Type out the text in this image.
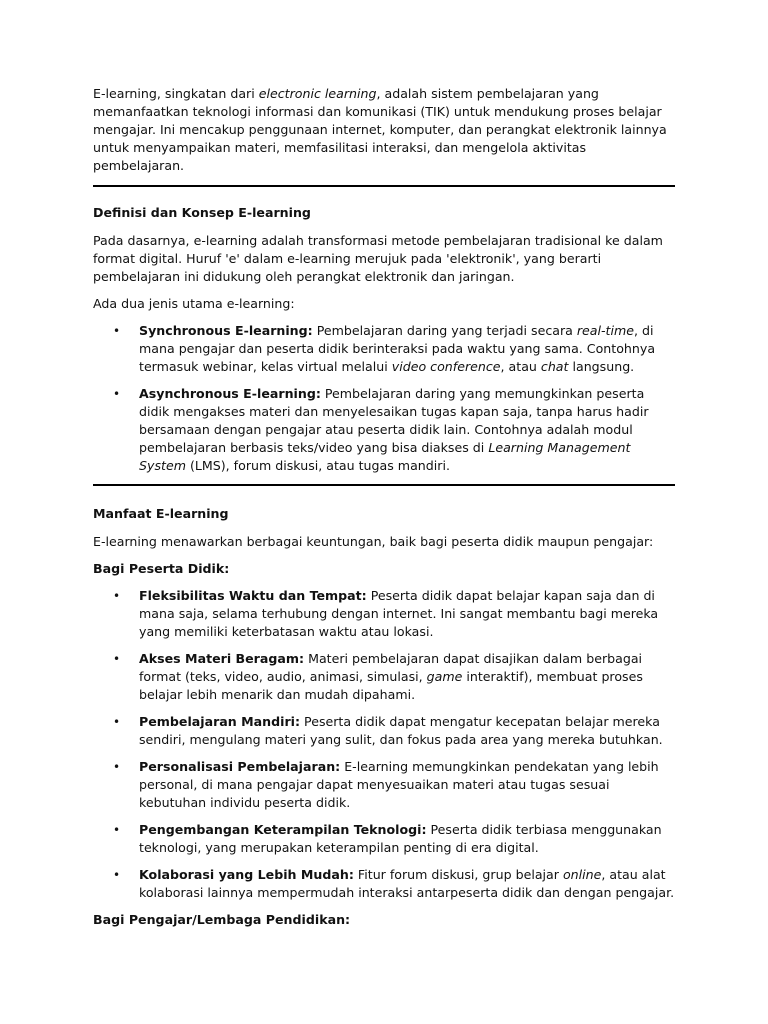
E-learning, singkatan dari electronic learning, adalah sistem pembelajaran yang memanfaatkan teknologi informasi dan komunikasi (TIK) untuk mendukung proses belajar mengajar. Ini mencakup penggunaan internet, komputer, dan perangkat elektronik lainnya untuk menyampaikan materi, memfasilitasi interaksi, dan mengelola aktivitas pembelajaran.

Definisi dan Konsep E-learning

Pada dasarnya, e-learning adalah transformasi metode pembelajaran tradisional ke dalam format digital. Huruf 'e' dalam e-learning merujuk pada 'elektronik', yang berarti pembelajaran ini didukung oleh perangkat elektronik dan jaringan.

Ada dua jenis utama e-learning:

• Synchronous E-learning: Pembelajaran daring yang terjadi secara real-time, di mana pengajar dan peserta didik berinteraksi pada waktu yang sama. Contohnya termasuk webinar, kelas virtual melalui video conference, atau chat langsung.
• Asynchronous E-learning: Pembelajaran daring yang memungkinkan peserta didik mengakses materi dan menyelesaikan tugas kapan saja, tanpa harus hadir bersamaan dengan pengajar atau peserta didik lain. Contohnya adalah modul pembelajaran berbasis teks/video yang bisa diakses di Learning Management System (LMS), forum diskusi, atau tugas mandiri.

Manfaat E-learning

E-learning menawarkan berbagai keuntungan, baik bagi peserta didik maupun pengajar:

Bagi Peserta Didik:

• Fleksibilitas Waktu dan Tempat: Peserta didik dapat belajar kapan saja dan di mana saja, selama terhubung dengan internet. Ini sangat membantu bagi mereka yang memiliki keterbatasan waktu atau lokasi.
• Akses Materi Beragam: Materi pembelajaran dapat disajikan dalam berbagai format (teks, video, audio, animasi, simulasi, game interaktif), membuat proses belajar lebih menarik dan mudah dipahami.
• Pembelajaran Mandiri: Peserta didik dapat mengatur kecepatan belajar mereka sendiri, mengulang materi yang sulit, dan fokus pada area yang mereka butuhkan.
• Personalisasi Pembelajaran: E-learning memungkinkan pendekatan yang lebih personal, di mana pengajar dapat menyesuaikan materi atau tugas sesuai kebutuhan individu peserta didik.
• Pengembangan Keterampilan Teknologi: Peserta didik terbiasa menggunakan teknologi, yang merupakan keterampilan penting di era digital.
• Kolaborasi yang Lebih Mudah: Fitur forum diskusi, grup belajar online, atau alat kolaborasi lainnya mempermudah interaksi antarpeserta didik dan dengan pengajar.

Bagi Pengajar/Lembaga Pendidikan:
